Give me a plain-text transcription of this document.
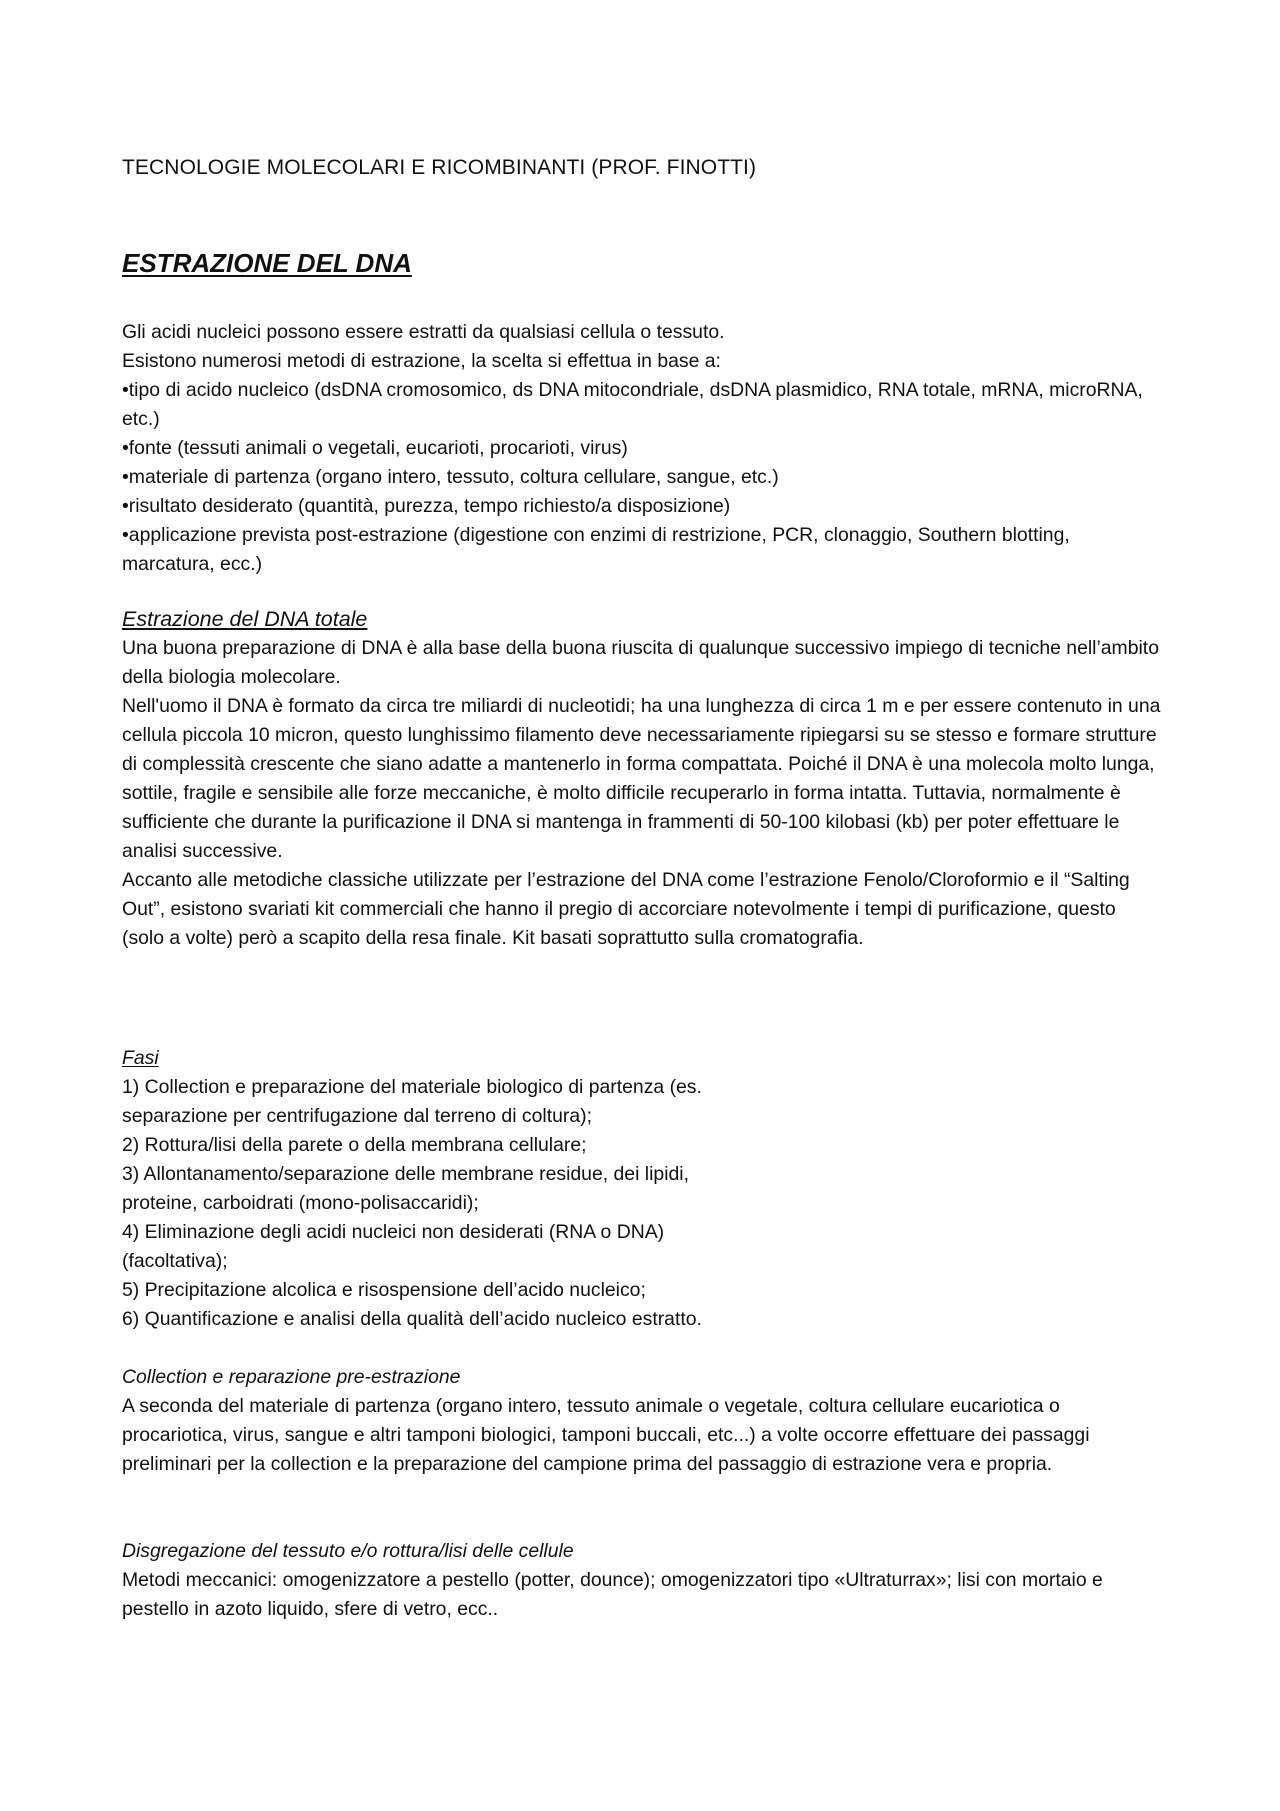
TECNOLOGIE MOLECOLARI E RICOMBINANTI (PROF. FINOTTI)
ESTRAZIONE DEL DNA

Gli acidi nucleici possono essere estratti da qualsiasi cellula o tessuto.

Esistono numerosi metodi di estrazione, la scelta si effettua in base a:

•tipo di acido nucleico (dsDNA cromosomico, ds DNA mitocondriale, dsDNA plasmidico, RNA totale, mRNA, microRNA, etc.)
•fonte (tessuti animali o vegetali, eucarioti, procarioti, virus)
•materiale di partenza (organo intero, tessuto, coltura cellulare, sangue, etc.)
•risultato desiderato (quantità, purezza, tempo richiesto/a disposizione)
•applicazione prevista post-estrazione (digestione con enzimi di restrizione, PCR, clonaggio, Southern blotting, marcatura, ecc.)

Estrazione del DNA totale

Una buona preparazione di DNA è alla base della buona riuscita di qualunque successivo impiego di tecniche nell’ambito della biologia molecolare.

Nell'uomo il DNA è formato da circa tre miliardi di nucleotidi; ha una lunghezza di circa 1 m e per essere contenuto in una cellula piccola 10 micron, questo lunghissimo filamento deve necessariamente ripiegarsi su se stesso e formare strutture di complessità crescente che siano adatte a mantenerlo in forma compattata. Poiché il DNA è una molecola molto lunga, sottile, fragile e sensibile alle forze meccaniche, è molto difficile recuperarlo in forma intatta. Tuttavia, normalmente è sufficiente che durante la purificazione il DNA si mantenga in frammenti di 50-100 kilobasi (kb) per poter effettuare le analisi successive.

Accanto alle metodiche classiche utilizzate per l’estrazione del DNA come l’estrazione Fenolo/Cloroformio e il “Salting Out”, esistono svariati kit commerciali che hanno il pregio di accorciare notevolmente i tempi di purificazione, questo (solo a volte) però a scapito della resa finale. Kit basati soprattutto sulla cromatografia.

Fasi

1) Collection e preparazione del materiale biologico di partenza (es.

separazione per centrifugazione dal terreno di coltura);

2) Rottura/lisi della parete o della membrana cellulare;

3) Allontanamento/separazione delle membrane residue, dei lipidi,

proteine, carboidrati (mono-polisaccaridi);

4) Eliminazione degli acidi nucleici non desiderati (RNA o DNA)

(facoltativa);

5) Precipitazione alcolica e risospensione dell’acido nucleico;

6) Quantificazione e analisi della qualità dell’acido nucleico estratto.

Collection e reparazione pre-estrazione

A seconda del materiale di partenza (organo intero, tessuto animale o vegetale, coltura cellulare eucariotica o procariotica, virus, sangue e altri tamponi biologici, tamponi buccali, etc...) a volte occorre effettuare dei passaggi preliminari per la collection e la preparazione del campione prima del passaggio di estrazione vera e propria.

Disgregazione del tessuto e/o rottura/lisi delle cellule

Metodi meccanici: omogenizzatore a pestello (potter, dounce); omogenizzatori tipo «Ultraturrax»; lisi con mortaio e pestello in azoto liquido, sfere di vetro, ecc..
